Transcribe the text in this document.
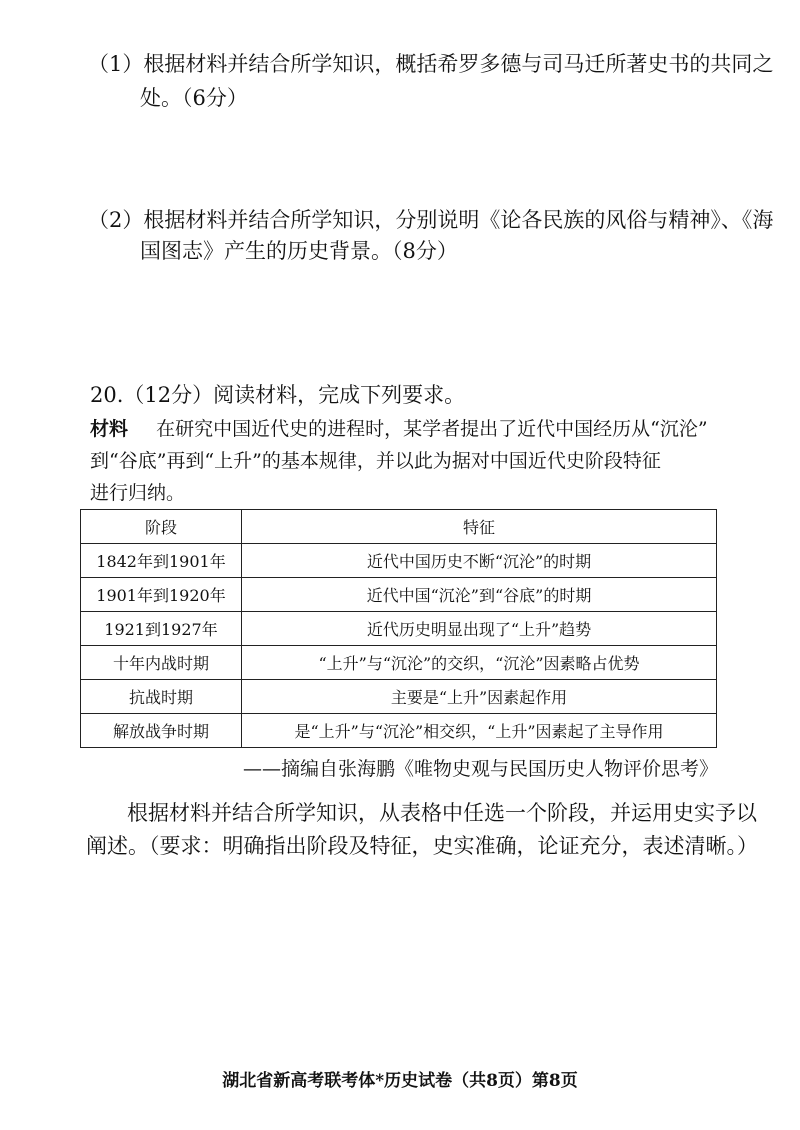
（1）根据材料并结合所学知识，概括希罗多德与司马迁所著史书的共同之
处。（6分）
（2）根据材料并结合所学知识，分别说明《论各民族的风俗与精神》、《海
国图志》产生的历史背景。（8分）
20.（12分）阅读材料，完成下列要求。
材料 在研究中国近代史的进程时，某学者提出了近代中国经历从“沉沦”
到“谷底”再到“上升”的基本规律，并以此为据对中国近代史阶段特征
进行归纳。
阶段	特征
1842年到1901年	近代中国历史不断“沉沦”的时期
1901年到1920年	近代中国“沉沦”到“谷底”的时期
1921到1927年	近代历史明显出现了“上升”趋势
十年内战时期	“上升”与“沉沦”的交织，“沉沦”因素略占优势
抗战时期	主要是“上升”因素起作用
解放战争时期	是“上升”与“沉沦”相交织，“上升”因素起了主导作用
——摘编自张海鹏《唯物史观与民国历史人物评价思考》
根据材料并结合所学知识，从表格中任选一个阶段，并运用史实予以
阐述。（要求：明确指出阶段及特征，史实准确，论证充分，表述清晰。）
湖北省新高考联考体*历史试卷（共8页）第8页
